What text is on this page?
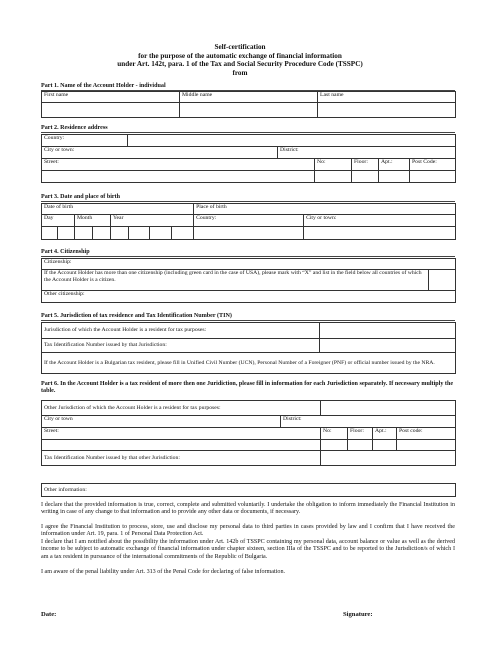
Self-certification
for the purpose of the automatic exchange of financial information
under Art. 142t, para. 1 of the Tax and Social Security Procedure Code (TSSPC)
from
Part 1. Name of the Account Holder - individual
First name	Middle name	Last name

Part 2. Residence address
Country:						
City or town:		District:				
Street:			No:	Floor:	Apt.:	Post Code:

Part 3. Date and place of birth
Date of birth								Place of birth	
Day		Month		Year				Country:	City or town:

Part 4. Citizenship
Citizenship:
If the Account Holder has more than one citizenship (including green card in the case of USA), please mark with “X” and list in the field below all countries of which the Account Holder is a citizen.	
Other citizenship:
Part 5. Jurisdiction of tax residence and Tax Identification Number (TIN)
Jurisdiction of which the Account Holder is a resident for tax purposes:	
Tax Identification Number issued by that Jurisdiction:	
If the Account Holder is a Bulgarian tax resident, please fill in Unified Civil Number (UCN), Personal Number of a Foreigner (PNF) or official number issued by the NRA.	
Part 6. In the Account Holder is a tax resident of more then one Juridiction, please fill in information for each Jurisdiction separately. If necessary multiply the table.
Other Jurisdiction of which the Account Holder is a resident for tax purposes:					
City or town	District:				
Street:		No:	Floor:	Apt.:	Post code:

Tax Identification Number issued by that other Jurisdiction:					
Other information:
I declare that the provided information is true, correct, complete and submitted voluntarily. I undertake the obligation to inform immediately the Financial Institution in writing in case of any change to that information and to provide any other data or documents, if necessary.
I agree the Financial Institution to process, store, use and disclose my personal data to third parties in cases provided by law and I confirm that I have received the information under Art. 19, para. 1 of Personal Data Protection Act.
I declare that I am notified about the possibility the information under Art. 142b of TSSPC containing my personal data, account balance or value as well as the derived income to be subject to automatic exchange of financial information under chapter sixteen, section IIIa of the TSSPC and to be reported to the Jurisdiction/s of which I am a tax resident in pursuance of the international commitments of the Republic of Bulgaria.
I am aware of the penal liability under Art. 313 of the Penal Code for declaring of false information.
Date:	Signature:
